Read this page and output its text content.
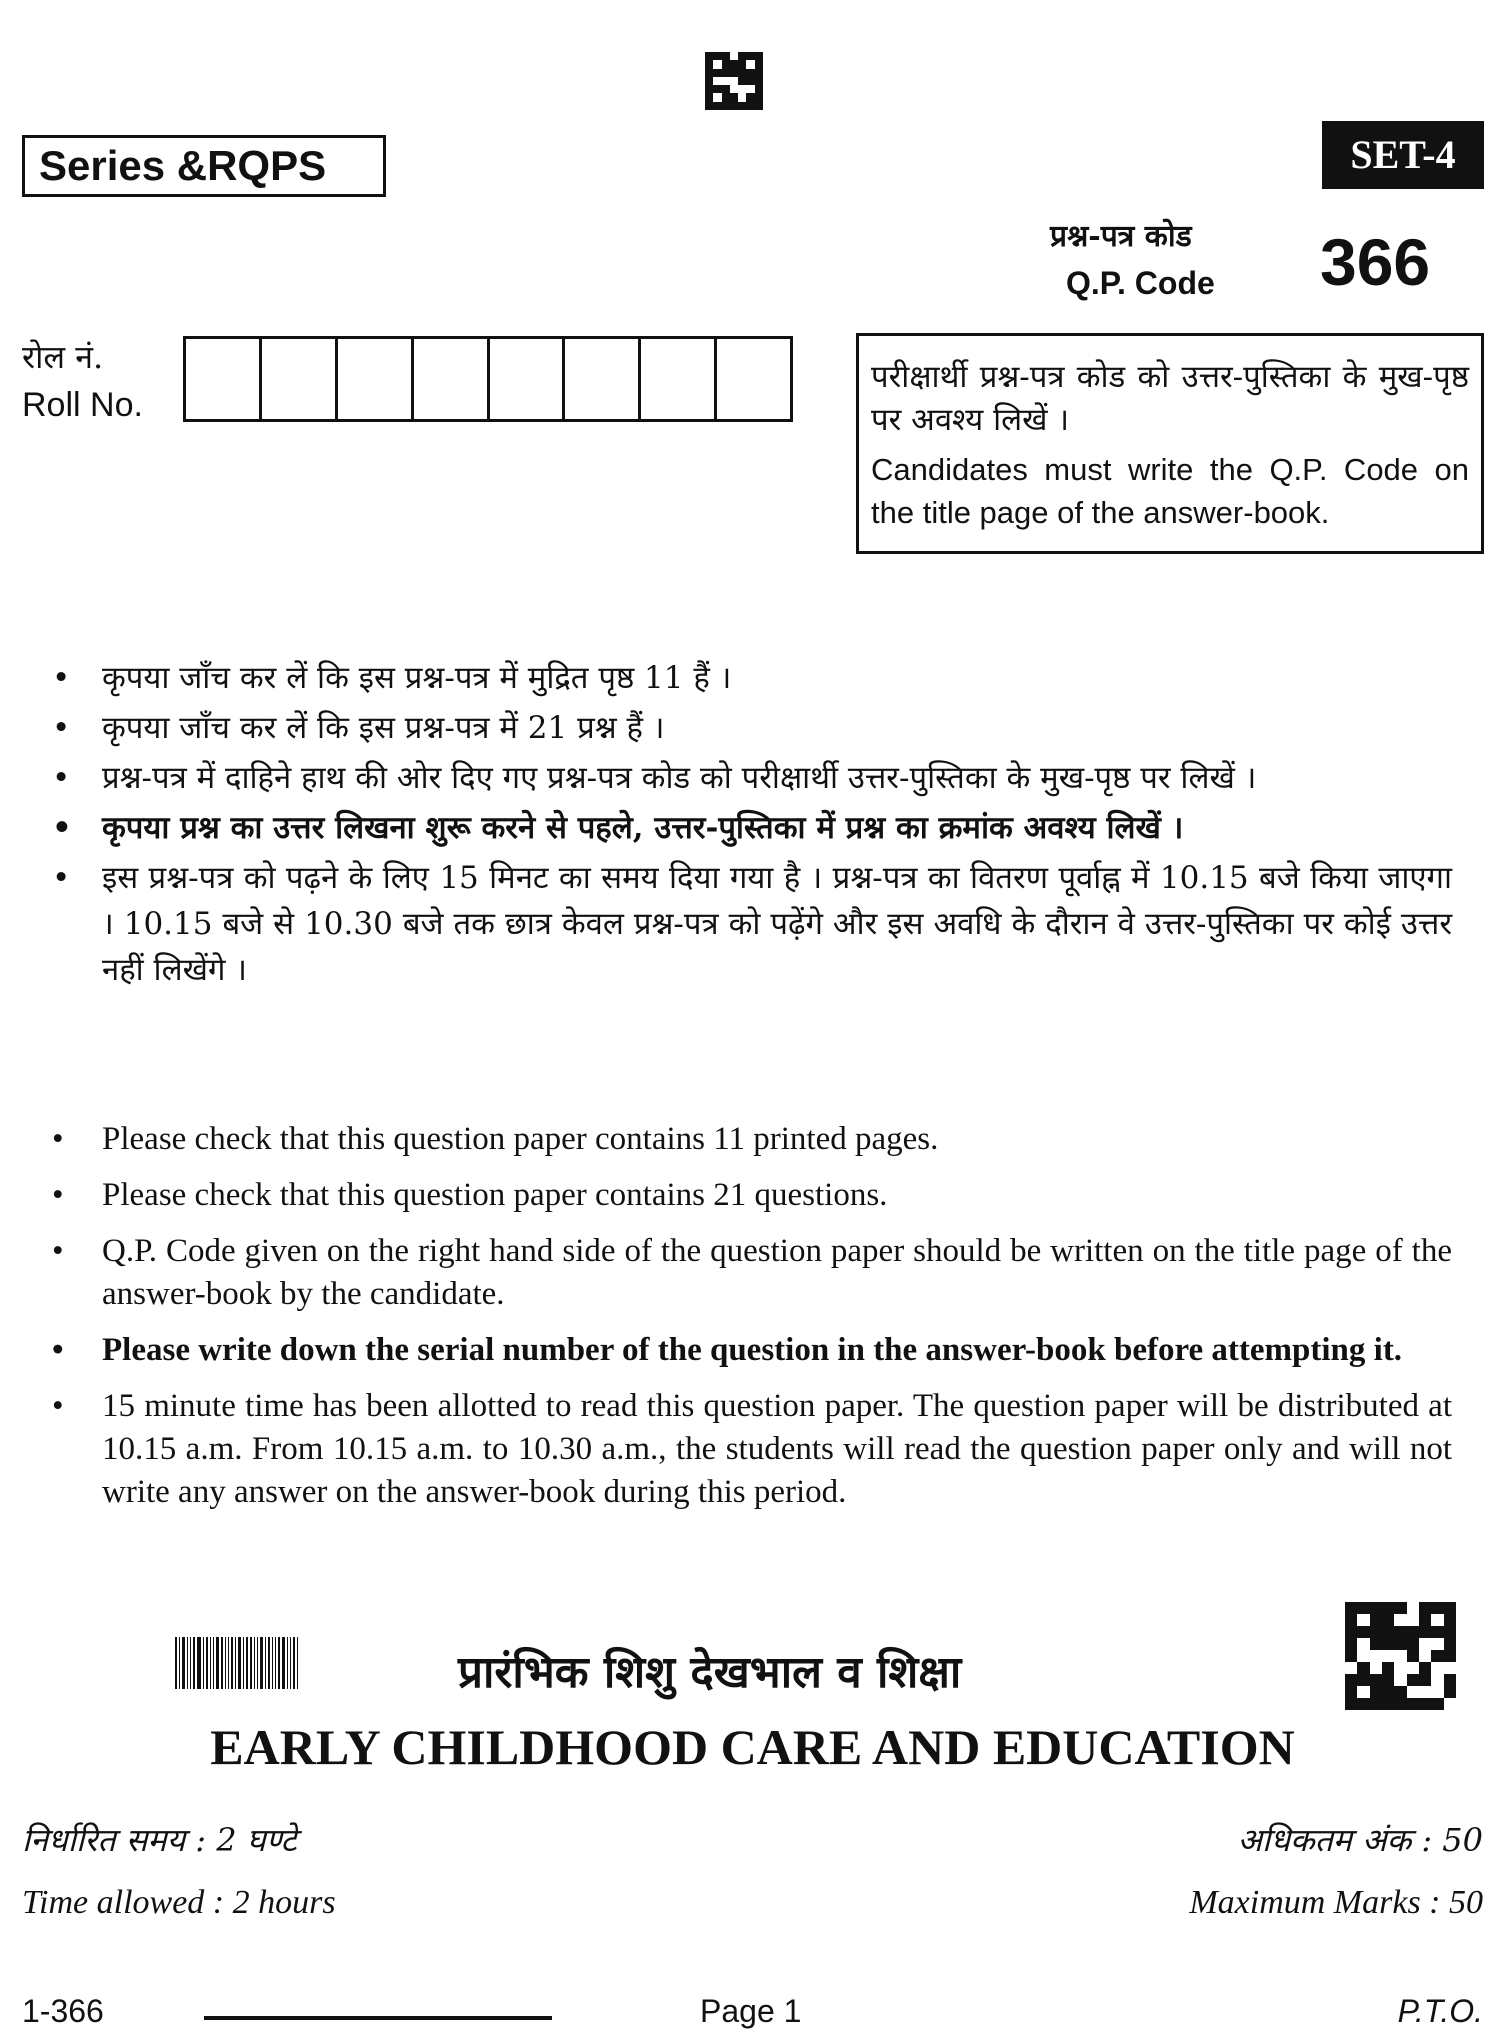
Series &RQPS	SET-4
प्रश्न-पत्र कोड
Q.P. Code 366
रोल नं.
Roll No.

परीक्षार्थी प्रश्न-पत्र कोड को उत्तर-पुस्तिका के मुख-पृष्ठ पर अवश्य लिखें ।

Candidates must write the Q.P. Code on the title page of the answer-book.

• कृपया जाँच कर लें कि इस प्रश्न-पत्र में मुद्रित पृष्ठ 11 हैं ।
• कृपया जाँच कर लें कि इस प्रश्न-पत्र में 21 प्रश्न हैं ।
• प्रश्न-पत्र में दाहिने हाथ की ओर दिए गए प्रश्न-पत्र कोड को परीक्षार्थी उत्तर-पुस्तिका के मुख-पृष्ठ पर लिखें ।
• कृपया प्रश्न का उत्तर लिखना शुरू करने से पहले, उत्तर-पुस्तिका में प्रश्न का क्रमांक अवश्य लिखें ।
• इस प्रश्न-पत्र को पढ़ने के लिए 15 मिनट का समय दिया गया है । प्रश्न-पत्र का वितरण पूर्वाह्न में 10.15 बजे किया जाएगा । 10.15 बजे से 10.30 बजे तक छात्र केवल प्रश्न-पत्र को पढ़ेंगे और इस अवधि के दौरान वे उत्तर-पुस्तिका पर कोई उत्तर नहीं लिखेंगे ।
• Please check that this question paper contains 11 printed pages.
• Please check that this question paper contains 21 questions.
• Q.P. Code given on the right hand side of the question paper should be written on the title page of the answer-book by the candidate.
• Please write down the serial number of the question in the answer-book before attempting it.
• 15 minute time has been allotted to read this question paper. The question paper will be distributed at 10.15 a.m. From 10.15 a.m. to 10.30 a.m., the students will read the question paper only and will not write any answer on the answer-book during this period.
प्रारंभिक शिशु देखभाल व शिक्षा
EARLY CHILDHOOD CARE AND EDUCATION
निर्धारित समय : 2 घण्टे	अधिकतम अंक : 50
Time allowed : 2 hours	Maximum Marks : 50
1-366	Page 1	P.T.O.
